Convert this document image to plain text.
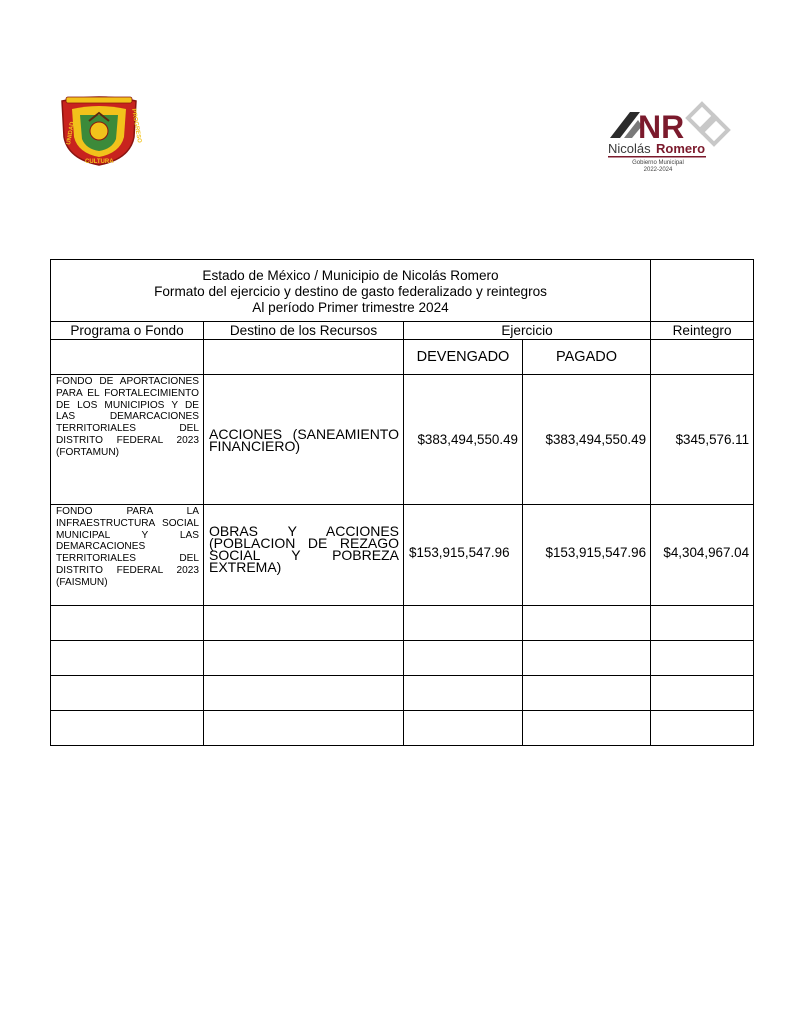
UNIDAD
CULTURA
PROGRESO	NR
Nicolás Romero
Gobierno Municipal
2022-2024
Estado de México / Municipio de Nicolás Romero
Formato del ejercicio y destino de gasto federalizado y reintegros
Al período Primer trimestre 2024				

Programa o Fondo	Destino de los Recursos	Ejercicio		Reintegro
		DEVENGADO	PAGADO	
FONDO DE APORTACIONES PARA EL FORTALECIMIENTO DE LOS MUNICIPIOS Y DE LAS DEMARCACIONES TERRITORIALES DEL DISTRITO FEDERAL 2023 (FORTAMUN)	ACCIONES (SANEAMIENTO FINANCIERO)	$383,494,550.49	$383,494,550.49	$345,576.11
FONDO PARA LA INFRAESTRUCTURA SOCIAL MUNICIPAL Y LAS DEMARCACIONES TERRITORIALES DEL DISTRITO FEDERAL 2023 (FAISMUN)	OBRAS Y ACCIONES (POBLACION DE REZAGO SOCIAL Y POBREZA EXTREMA)	$153,915,547.96	$153,915,547.96	$4,304,967.04
